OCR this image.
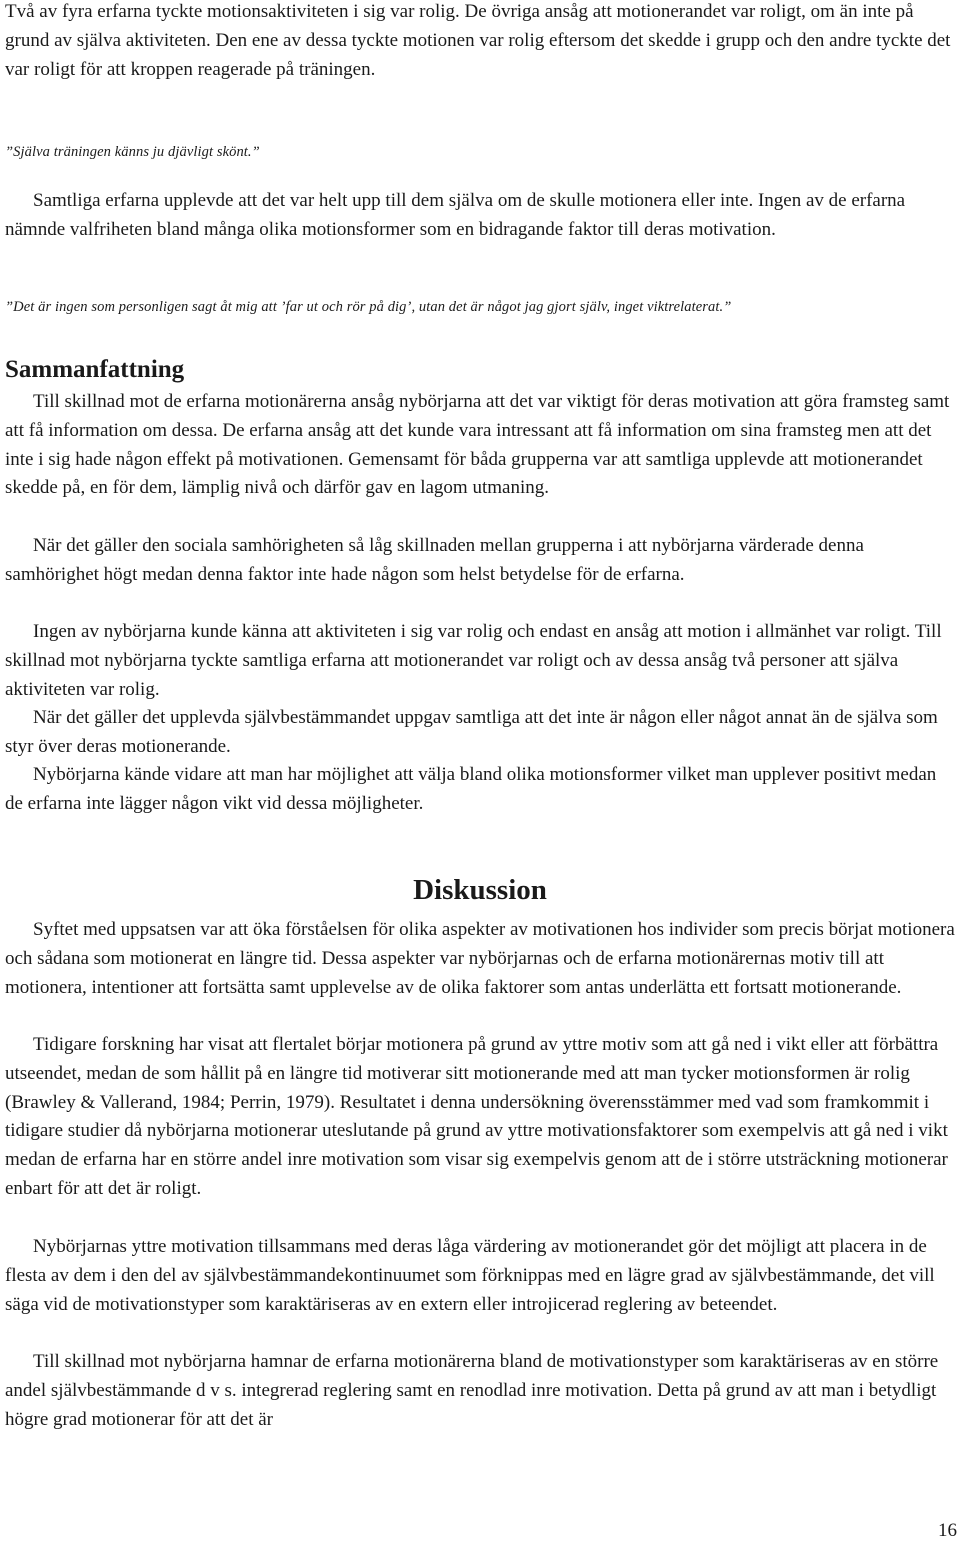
Två av fyra erfarna tyckte motionsaktiviteten i sig var rolig. De övriga ansåg att motionerandet var roligt, om än inte på grund av själva aktiviteten. Den ene av dessa tyckte motionen var rolig eftersom det skedde i grupp och den andre tyckte det var roligt för att kroppen reagerade på träningen.

”Själva träningen känns ju djävligt skönt.”

Samtliga erfarna upplevde att det var helt upp till dem själva om de skulle motionera eller inte. Ingen av de erfarna nämnde valfriheten bland många olika motionsformer som en bidragande faktor till deras motivation.

”Det är ingen som personligen sagt åt mig att ’far ut och rör på dig’, utan det är något jag gjort själv, inget viktrelaterat.”

Sammanfattning

Till skillnad mot de erfarna motionärerna ansåg nybörjarna att det var viktigt för deras motivation att göra framsteg samt att få information om dessa. De erfarna ansåg att det kunde vara intressant att få information om sina framsteg men att det inte i sig hade någon effekt på motivationen. Gemensamt för båda grupperna var att samtliga upplevde att motionerandet skedde på, en för dem, lämplig nivå och därför gav en lagom utmaning.

När det gäller den sociala samhörigheten så låg skillnaden mellan grupperna i att nybörjarna värderade denna samhörighet högt medan denna faktor inte hade någon som helst betydelse för de erfarna.

Ingen av nybörjarna kunde känna att aktiviteten i sig var rolig och endast en ansåg att motion i allmänhet var roligt. Till skillnad mot nybörjarna tyckte samtliga erfarna att motionerandet var roligt och av dessa ansåg två personer att själva aktiviteten var rolig.

När det gäller det upplevda självbestämmandet uppgav samtliga att det inte är någon eller något annat än de själva som styr över deras motionerande.

Nybörjarna kände vidare att man har möjlighet att välja bland olika motionsformer vilket man upplever positivt medan de erfarna inte lägger någon vikt vid dessa möjligheter.

Diskussion

Syftet med uppsatsen var att öka förståelsen för olika aspekter av motivationen hos individer som precis börjat motionera och sådana som motionerat en längre tid. Dessa aspekter var nybörjarnas och de erfarna motionärernas motiv till att motionera, intentioner att fortsätta samt upplevelse av de olika faktorer som antas underlätta ett fortsatt motionerande.

Tidigare forskning har visat att flertalet börjar motionera på grund av yttre motiv som att gå ned i vikt eller att förbättra utseendet, medan de som hållit på en längre tid motiverar sitt motionerande med att man tycker motionsformen är rolig (Brawley & Vallerand, 1984; Perrin, 1979). Resultatet i denna undersökning överensstämmer med vad som framkommit i tidigare studier då nybörjarna motionerar uteslutande på grund av yttre motivationsfaktorer som exempelvis att gå ned i vikt medan de erfarna har en större andel inre motivation som visar sig exempelvis genom att de i större utsträckning motionerar enbart för att det är roligt.

Nybörjarnas yttre motivation tillsammans med deras låga värdering av motionerandet gör det möjligt att placera in de flesta av dem i den del av självbestämmandekontinuumet som förknippas med en lägre grad av självbestämmande, det vill säga vid de motivationstyper som karaktäriseras av en extern eller introjicerad reglering av beteendet.

Till skillnad mot nybörjarna hamnar de erfarna motionärerna bland de motivationstyper som karaktäriseras av en större andel självbestämmande d v s. integrerad reglering samt en renodlad inre motivation. Detta på grund av att man i betydligt högre grad motionerar för att det är

16
